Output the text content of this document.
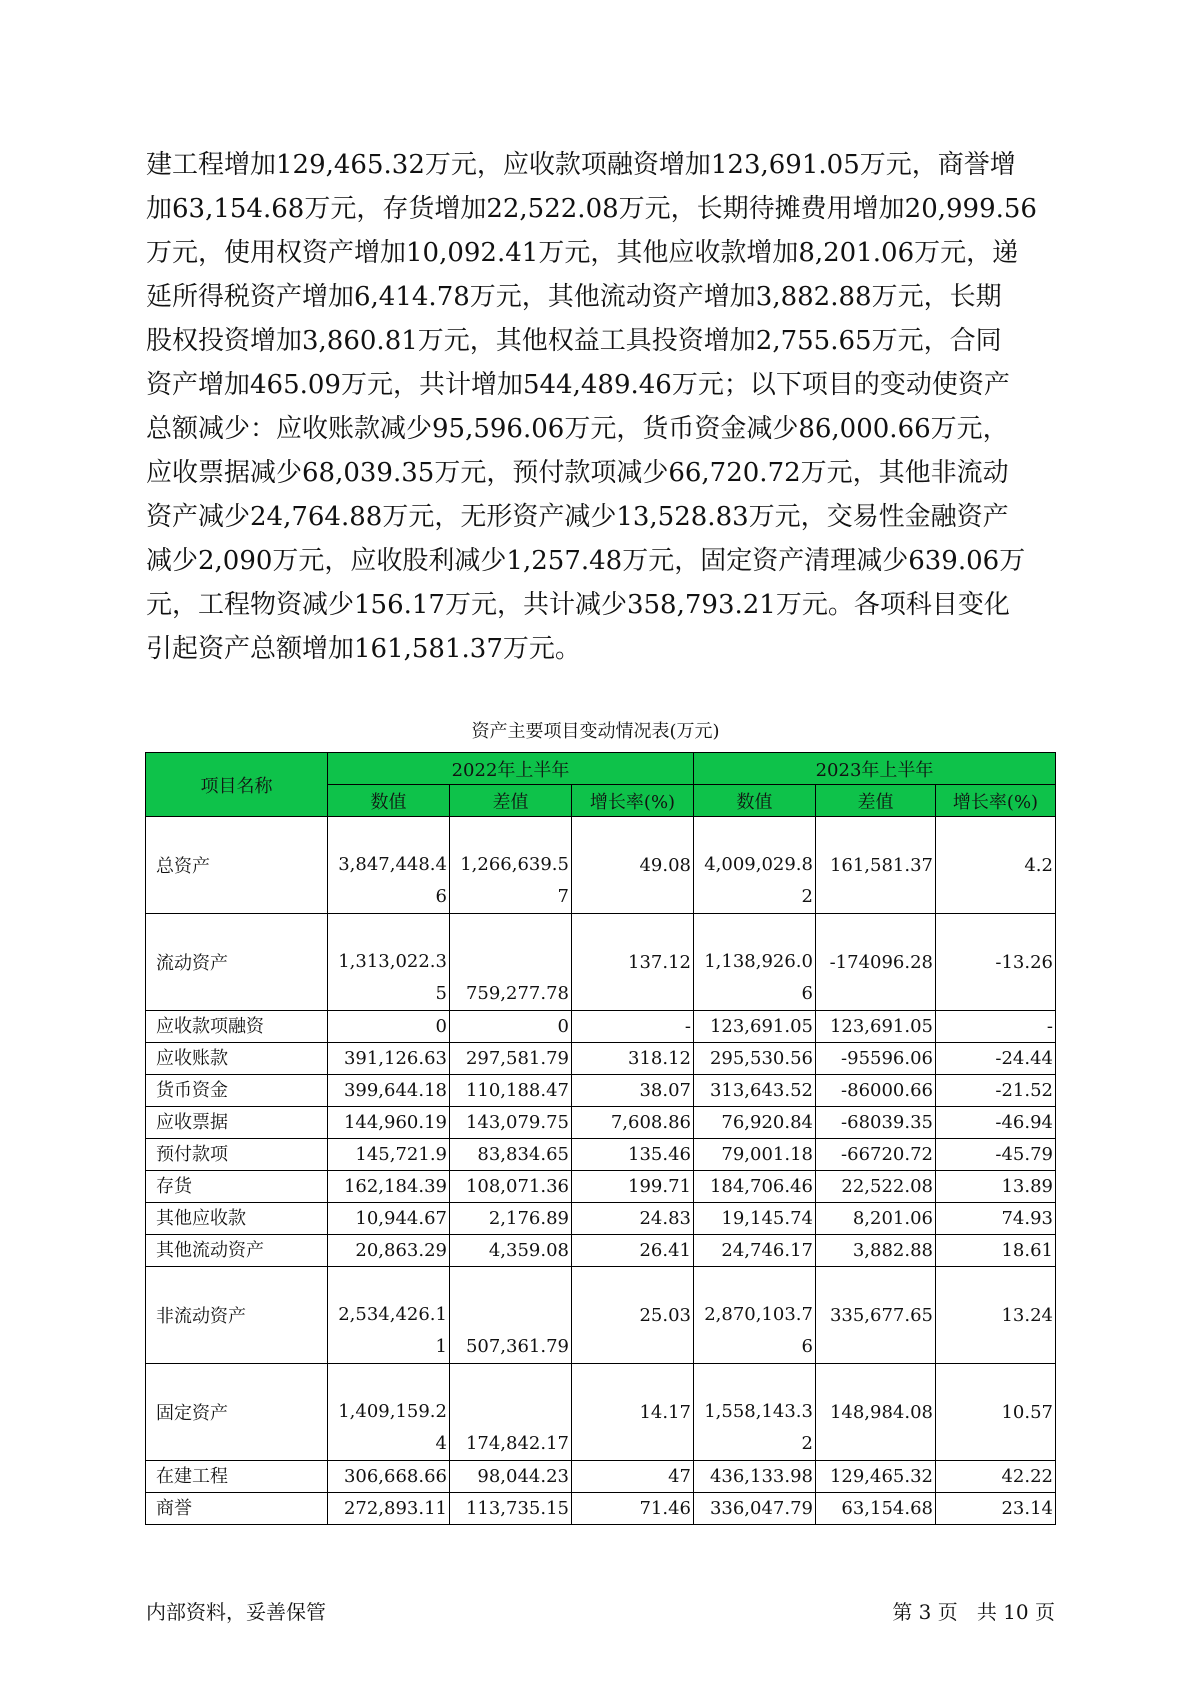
建工程增加129,465.32万元，应收款项融资增加123,691.05万元，商誉增
加63,154.68万元，存货增加22,522.08万元，长期待摊费用增加20,999.56
万元，使用权资产增加10,092.41万元，其他应收款增加8,201.06万元，递
延所得税资产增加6,414.78万元，其他流动资产增加3,882.88万元，长期
股权投资增加3,860.81万元，其他权益工具投资增加2,755.65万元，合同
资产增加465.09万元，共计增加544,489.46万元；以下项目的变动使资产
总额减少：应收账款减少95,596.06万元，货币资金减少86,000.66万元，
应收票据减少68,039.35万元，预付款项减少66,720.72万元，其他非流动
资产减少24,764.88万元，无形资产减少13,528.83万元，交易性金融资产
减少2,090万元，应收股利减少1,257.48万元，固定资产清理减少639.06万
元，工程物资减少156.17万元，共计减少358,793.21万元。各项科目变化
引起资产总额增加161,581.37万元。
资产主要项目变动情况表(万元)
项目名称	2022年上半年			2023年上半年		
	数值	差值	增长率(%)	数值	差值	增长率(%)
总资产	3,847,448.46	1,266,639.57	49.08	4,009,029.82	161,581.37	4.2
流动资产	1,313,022.35	759,277.78	137.12	1,138,926.06	-174096.28	-13.26
应收款项融资	0	0	-	123,691.05	123,691.05	-
应收账款	391,126.63	297,581.79	318.12	295,530.56	-95596.06	-24.44
货币资金	399,644.18	110,188.47	38.07	313,643.52	-86000.66	-21.52
应收票据	144,960.19	143,079.75	7,608.86	76,920.84	-68039.35	-46.94
预付款项	145,721.9	83,834.65	135.46	79,001.18	-66720.72	-45.79
存货	162,184.39	108,071.36	199.71	184,706.46	22,522.08	13.89
其他应收款	10,944.67	2,176.89	24.83	19,145.74	8,201.06	74.93
其他流动资产	20,863.29	4,359.08	26.41	24,746.17	3,882.88	18.61
非流动资产	2,534,426.11	507,361.79	25.03	2,870,103.76	335,677.65	13.24
固定资产	1,409,159.24	174,842.17	14.17	1,558,143.32	148,984.08	10.57
在建工程	306,668.66	98,044.23	47	436,133.98	129,465.32	42.22
商誉	272,893.11	113,735.15	71.46	336,047.79	63,154.68	23.14
内部资料，妥善保管	第 3 页   共 10 页
